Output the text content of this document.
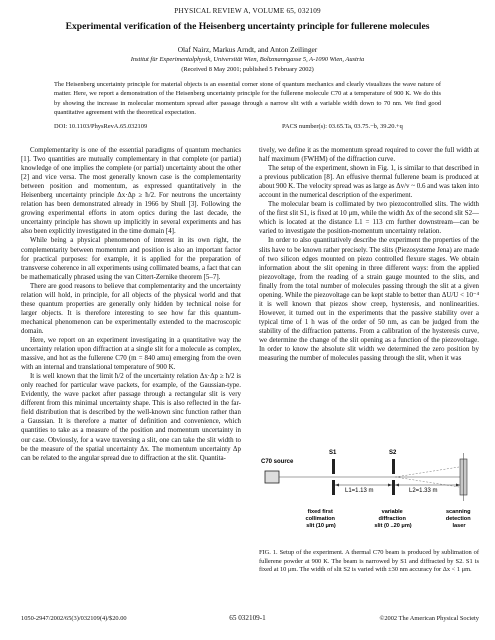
PHYSICAL REVIEW A, VOLUME 65, 032109
Experimental verification of the Heisenberg uncertainty principle for fullerene molecules
Olaf Nairz, Markus Arndt, and Anton Zeilinger
Institut für Experimentalphysik, Universität Wien, Boltzmanngasse 5, A-1090 Wien, Austria
(Received 8 May 2001; published 5 February 2002)
The Heisenberg uncertainty principle for material objects is an essential corner stone of quantum mechanics and clearly visualizes the wave nature of matter. Here, we report a demonstration of the Heisenberg uncertainty principle for the fullerene molecule C70 at a temperature of 900 K. We do this by showing the increase in molecular momentum spread after passage through a narrow slit with a variable width down to 70 nm. We find good quantitative agreement with the theoretical expectation.
DOI: 10.1103/PhysRevA.65.032109	PACS number(s): 03.65.Ta, 03.75.−b, 39.20.+q

Complementarity is one of the essential paradigms of quantum mechanics [1]. Two quantities are mutually complementary in that complete (or partial) knowledge of one implies the complete (or partial) uncertainty about the other [2] and vice versa. The most generally known case is the complementarity between position and momentum, as expressed quantitatively in the Heisenberg uncertainty principle Δx·Δp ≥ ħ/2. For neutrons the uncertainty relation has been demonstrated already in 1966 by Shull [3]. Following the growing experimental efforts in atom optics during the last decade, the uncertainty principle has shown up implicitly in several experiments and has also been explicitly investigated in the time domain [4].

While being a physical phenomenon of interest in its own right, the complementarity between momentum and position is also an important factor for practical purposes: for example, it is applied for the preparation of transverse coherence in all experiments using collimated beams, a fact that can be mathematically phrased using the van Cittert-Zernike theorem [5–7].

There are good reasons to believe that complementarity and the uncertainty relation will hold, in principle, for all objects of the physical world and that these quantum properties are generally only hidden by technical noise for larger objects. It is therefore interesting to see how far this quantum-mechanical phenomenon can be experimentally extended to the macroscopic domain.

Here, we report on an experiment investigating in a quantitative way the uncertainty relation upon diffraction at a single slit for a molecule as complex, massive, and hot as the fullerene C70 (m = 840 amu) emerging from the oven with an internal and translational temperature of 900 K.

It is well known that the limit ħ/2 of the uncertainty relation Δx·Δp ≥ ħ/2 is only reached for particular wave packets, for example, of the Gaussian-type. Evidently, the wave packet after passage through a rectangular slit is very different from this minimal uncertainty shape. This is also reflected in the far-field distribution that is described by the well-known sinc function rather than a Gaussian. It is therefore a matter of definition and convenience, which quantities to take as a measure of the position and momentum uncertainty in our case. Obviously, for a wave traversing a slit, one can take the slit width to be the measure of the spatial uncertainty Δx. The momentum uncertainty Δp can be related to the angular spread due to diffraction at the slit. Quantita-

tively, we define it as the momentum spread required to cover the full width at half maximum (FWHM) of the diffraction curve.

The setup of the experiment, shown in Fig. 1, is similar to that described in a previous publication [8]. An effusive thermal fullerene beam is produced at about 900 K. The velocity spread was as large as Δv/v ~ 0.6 and was taken into account in the numerical description of the experiment.

The molecular beam is collimated by two piezocontrolled slits. The width of the first slit S1, is fixed at 10 μm, while the width Δx of the second slit S2—which is located at the distance L1 = 113 cm further downstream—can be varied to investigate the position-momentum uncertainty relation.

In order to also quantitatively describe the experiment the properties of the slits have to be known rather precisely. The slits (Piezosysteme Jena) are made of two silicon edges mounted on piezo controlled flexure stages. We obtain information about the slit opening in three different ways: from the applied piezovoltage, from the reading of a strain gauge mounted to the slits, and finally from the total number of molecules passing through the slit at a given opening. While the piezovoltage can be kept stable to better than ΔU/U < 10⁻⁴ it is well known that piezos show creep, hysteresis, and nonlinearities. However, it turned out in the experiments that the passive stability over a typical time of 1 h was of the order of 50 nm, as can be judged from the stability of the diffraction patterns. From a calibration of the hysteresis curve, we determine the change of the slit opening as a function of the piezovoltage. In order to know the absolute slit width we determined the zero position by measuring the number of molecules passing through the slit, when it was

C70 source
S1	S2
L1=1.13 m	L2=1.33 m
fixed first collimation slit (10 μm)
variable diffraction slit (0 ..20 μm)
scanning detection laser
FIG. 1. Setup of the experiment. A thermal C70 beam is produced by sublimation of fullerene powder at 900 K. The beam is narrowed by S1 and diffracted by S2. S1 is fixed at 10 μm. The width of slit S2 is varied with ±30 nm accuracy for Δx < 1 μm.
1050-2947/2002/65(3)/032109(4)/$20.00	65 032109-1	©2002 The American Physical Society
